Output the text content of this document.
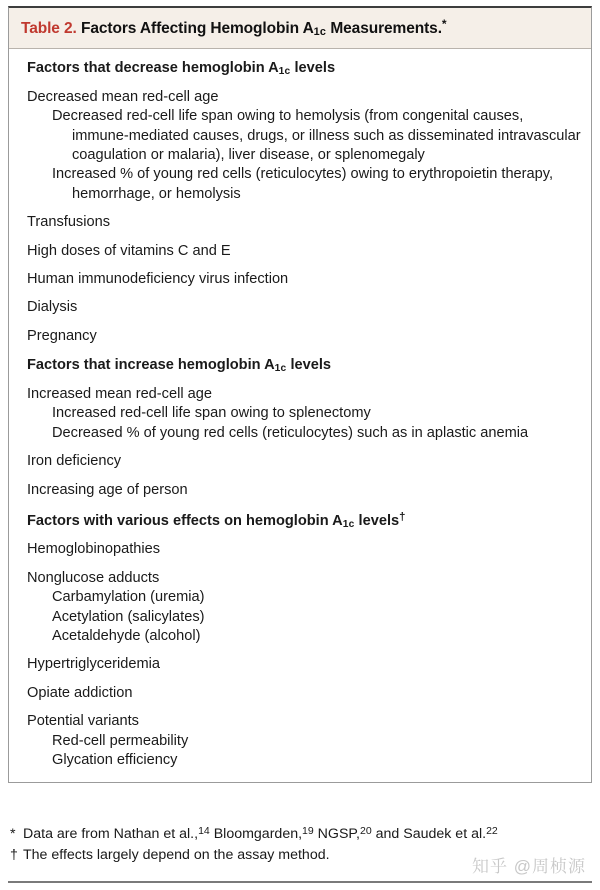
Table 2. Factors Affecting Hemoglobin $A_{1c}$ Measurements.*
Factors that decrease hemoglobin $A_{1c}$ levels
Decreased mean red-cell age
Decreased red-cell life span owing to hemolysis (from congenital causes, immune-mediated causes, drugs, or illness such as disseminated intravascular coagulation or malaria), liver disease, or splenomegaly
Increased % of young red cells (reticulocytes) owing to erythropoietin therapy, hemorrhage, or hemolysis
Transfusions
High doses of vitamins C and E
Human immunodeficiency virus infection
Dialysis
Pregnancy
Factors that increase hemoglobin $A_{1c}$ levels
Increased mean red-cell age
Increased red-cell life span owing to splenectomy
Decreased % of young red cells (reticulocytes) such as in aplastic anemia
Iron deficiency
Increasing age of person
Factors with various effects on hemoglobin $A_{1c}$ levels†
Hemoglobinopathies
Nonglucose adducts
Carbamylation (uremia)
Acetylation (salicylates)
Acetaldehyde (alcohol)
Hypertriglyceridemia
Opiate addiction
Potential variants
Red-cell permeability
Glycation efficiency
* Data are from Nathan et al.,$^{14}$ Bloomgarden,$^{19}$ NGSP,$^{20}$ and Saudek et al.$^{22}$
† The effects largely depend on the assay method.
知乎 @周桢源
